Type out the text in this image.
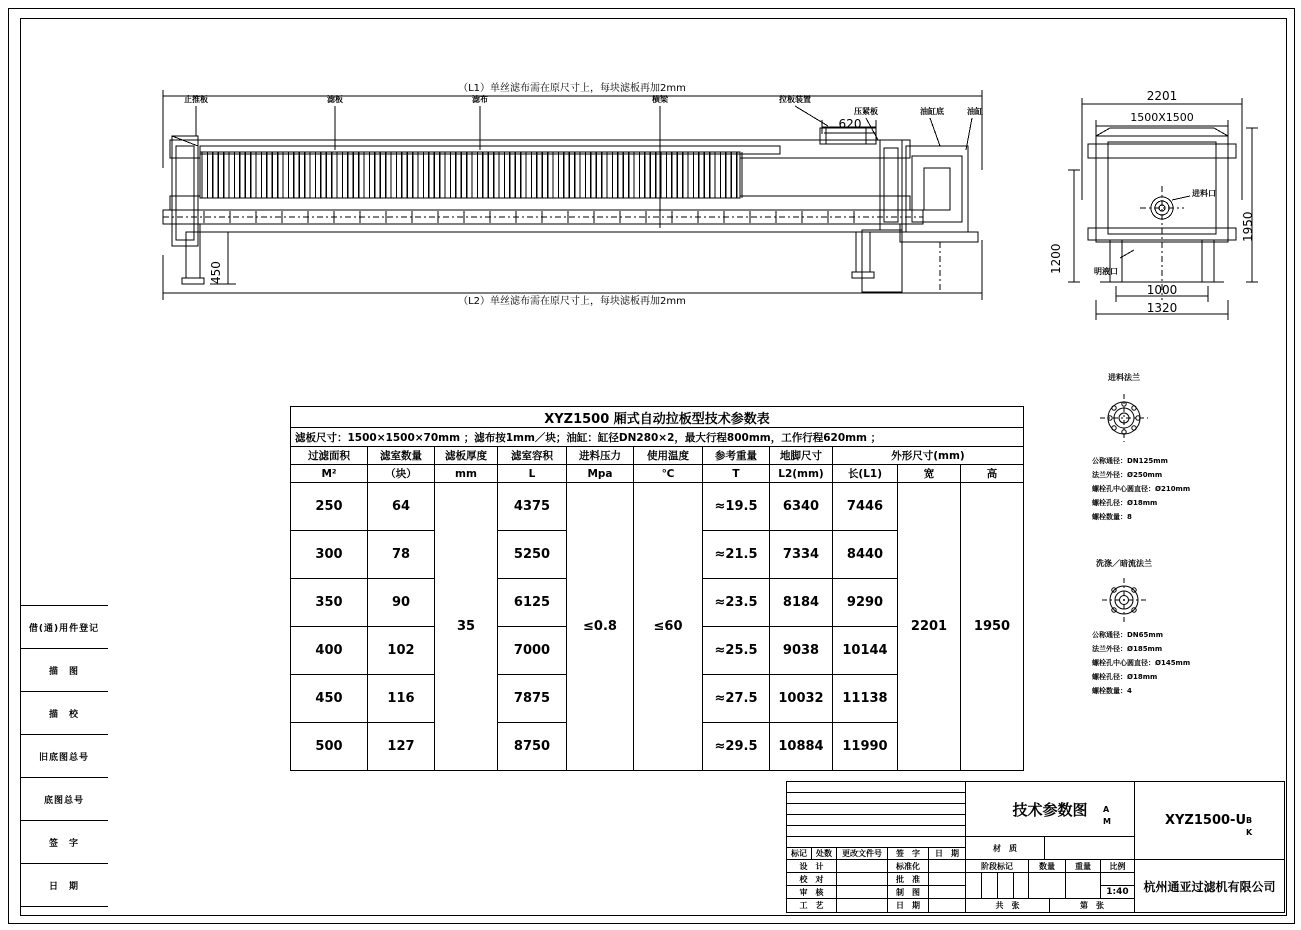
借(通)用件登记
描　图
描　校
旧底图总号
底图总号
签　字
日　期
（L1）单丝滤布需在原尺寸上，每块滤板再加2mm
（L2）单丝滤布需在原尺寸上，每块滤板再加2mm
止推板	滤板	滤布	横梁	拉板装置
压紧板	油缸底	油缸
620
450
2201
1500X1500
进料口
明液口
1950
1200
1000
1320
进料法兰
公称通径：DN125mm
法兰外径：Ø250mm
螺栓孔中心圆直径：Ø210mm
螺栓孔径：Ø18mm
螺栓数量：8
洗涤／暗流法兰
公称通径：DN65mm
法兰外径：Ø185mm
螺栓孔中心圆直径：Ø145mm
螺栓孔径：Ø18mm
螺栓数量：4
XYZ1500 厢式自动拉板型技术参数表										
滤板尺寸：1500×1500×70mm ；滤布按1mm／块；油缸：缸径DN280×2，最大行程800mm，工作行程620mm ；										
过滤面积	滤室数量	滤板厚度	滤室容积	进料压力	使用温度	参考重量	地脚尺寸	外形尺寸(mm)		
M²	（块）	mm	L	Mpa	℃	T	L2(mm)	长(L1)	宽	高
250	64	35	4375	≤0.8	≤60	≈19.5	6340	7446	2201	1950
300	78		5250			≈21.5	7334	8440		
350	90		6125			≈23.5	8184	9290		
400	102		7000			≈25.5	9038	10144		
450	116		7875			≈27.5	10032	11138		
500	127		8750			≈29.5	10884	11990		
标记	处数	更改文件号	签　字	日　期
设　计	标准化
校　对	批　准
审　核	制　图
工　艺	日　期
技术参数图
材　质
阶段标记	数量	重量	比例
1:40
共　张	第　张
A
M	XYZ1500-U B
K
杭州通亚过滤机有限公司
